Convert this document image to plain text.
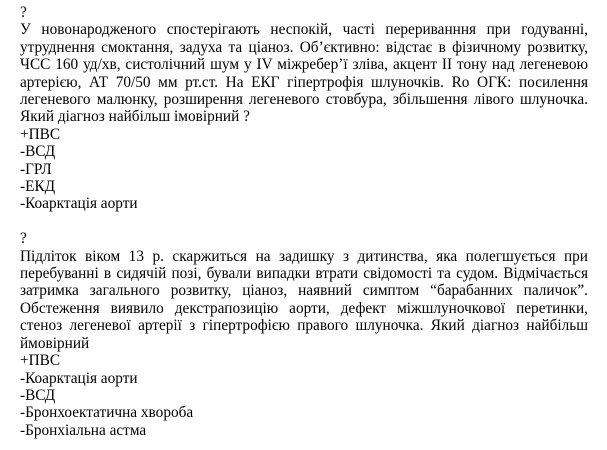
?
У новонародженого спостерігають неспокій, часті перериванння при годуванні, утруднення смоктання, задуха та ціаноз. Об’єктивно: відстає в фізичному розвитку, ЧСС 160 уд/хв, систолічний шум у IV міжребер’ї зліва, акцент ІІ тону над легеневою артерією, АТ 70/50 мм рт.ст. На ЕКГ гіпертрофія шлуночків. Ro ОГК: посилення легеневого малюнку, розширення легеневого стовбура, збільшення лівого шлуночка. Який діагноз найбільш імовірний ?
+ПВС
-ВСД
-ГРЛ
-ЕКД
-Коарктація аорти
?
Підліток віком 13 р. скаржиться на задишку з дитинства, яка полегшується при перебуванні в сидячій позі, бували випадки втрати свідомості та судом. Відмічається затримка загального розвитку, ціаноз, наявний симптом “барабанних паличок”. Обстеження виявило декстрапозицію аорти, дефект міжшлуночкової перетинки, стеноз легеневої артерії з гіпертрофією правого шлуночка. Який діагноз найбільш ймовірний
+ПВС
-Коарктація аорти
-ВСД
-Бронхоектатична хвороба
-Бронхіальна астма
